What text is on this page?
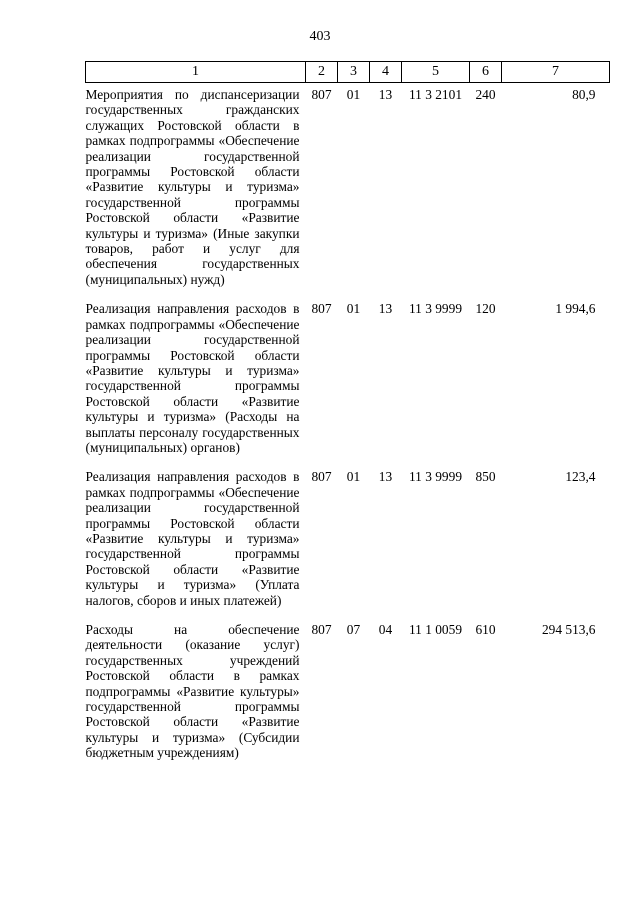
403
1	2	3	4	5	6	7
Мероприятия по диспансеризации государственных гражданских служащих Ростовской области в рамках подпрограммы «Обеспечение реализации государственной программы Ростовской области «Развитие культуры и туризма» государственной программы Ростовской области «Развитие культуры и туризма» (Иные закупки товаров, работ и услуг для обеспечения государственных (муниципальных) нужд)	807	01	13	11 3 2101	240	80,9
Реализация направления расходов в рамках подпрограммы «Обеспечение реализации государственной программы Ростовской области «Развитие культуры и туризма» государственной программы Ростовской области «Развитие культуры и туризма» (Расходы на выплаты персоналу государственных (муниципальных) органов)	807	01	13	11 3 9999	120	1 994,6
Реализация направления расходов в рамках подпрограммы «Обеспечение реализации государственной программы Ростовской области «Развитие культуры и туризма» государственной программы Ростовской области «Развитие культуры и туризма» (Уплата налогов, сборов и иных платежей)	807	01	13	11 3 9999	850	123,4
Расходы на обеспечение деятельности (оказание услуг) государственных учреждений Ростовской области в рамках подпрограммы «Развитие культуры» государственной программы Ростовской области «Развитие культуры и туризма» (Субсидии бюджетным учреждениям)	807	07	04	11 1 0059	610	294 513,6
